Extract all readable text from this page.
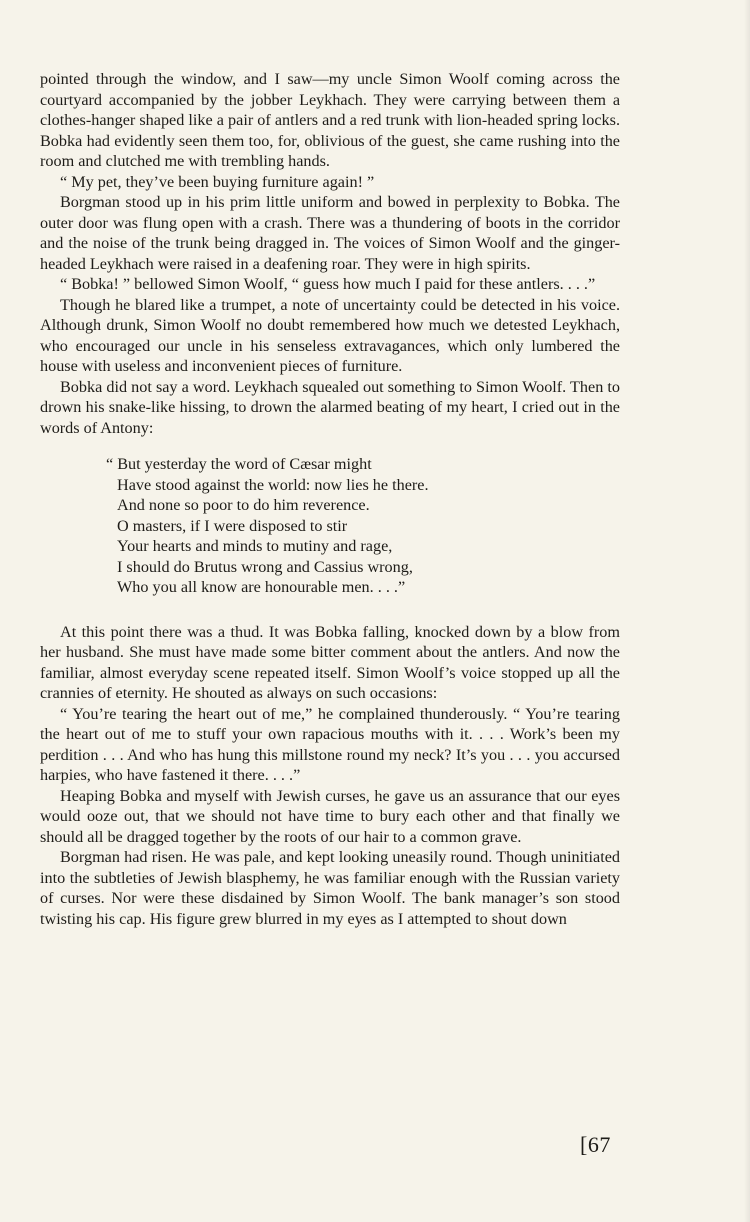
pointed through the window, and I saw—my uncle Simon Woolf coming across the courtyard accompanied by the jobber Leykhach. They were carrying between them a clothes-hanger shaped like a pair of antlers and a red trunk with lion-headed spring locks. Bobka had evidently seen them too, for, oblivious of the guest, she came rushing into the room and clutched me with trembling hands.

“ My pet, they’ve been buying furniture again! ”

Borgman stood up in his prim little uniform and bowed in perplexity to Bobka. The outer door was flung open with a crash. There was a thundering of boots in the corridor and the noise of the trunk being dragged in. The voices of Simon Woolf and the ginger-headed Leykhach were raised in a deafening roar. They were in high spirits.

“ Bobka! ” bellowed Simon Woolf, “ guess how much I paid for these antlers. . . .”

Though he blared like a trumpet, a note of uncertainty could be detected in his voice. Although drunk, Simon Woolf no doubt remembered how much we detested Leykhach, who encouraged our uncle in his senseless extravagances, which only lumbered the house with useless and inconvenient pieces of furniture.

Bobka did not say a word. Leykhach squealed out something to Simon Woolf. Then to drown his snake-like hissing, to drown the alarmed beating of my heart, I cried out in the words of Antony:

“ But yesterday the word of Cæsar might
Have stood against the world: now lies he there.
And none so poor to do him reverence.
O masters, if I were disposed to stir
Your hearts and minds to mutiny and rage,
I should do Brutus wrong and Cassius wrong,
Who you all know are honourable men. . . .”

At this point there was a thud. It was Bobka falling, knocked down by a blow from her husband. She must have made some bitter comment about the antlers. And now the familiar, almost everyday scene repeated itself. Simon Woolf’s voice stopped up all the crannies of eternity. He shouted as always on such occasions:

“ You’re tearing the heart out of me,” he complained thunderously. “ You’re tearing the heart out of me to stuff your own rapacious mouths with it. . . . Work’s been my perdition . . . And who has hung this millstone round my neck? It’s you . . . you accursed harpies, who have fastened it there. . . .”

Heaping Bobka and myself with Jewish curses, he gave us an assurance that our eyes would ooze out, that we should not have time to bury each other and that finally we should all be dragged together by the roots of our hair to a common grave.

Borgman had risen. He was pale, and kept looking uneasily round. Though uninitiated into the subtleties of Jewish blasphemy, he was familiar enough with the Russian variety of curses. Nor were these disdained by Simon Woolf. The bank manager’s son stood twisting his cap. His figure grew blurred in my eyes as I attempted to shout down

[67
